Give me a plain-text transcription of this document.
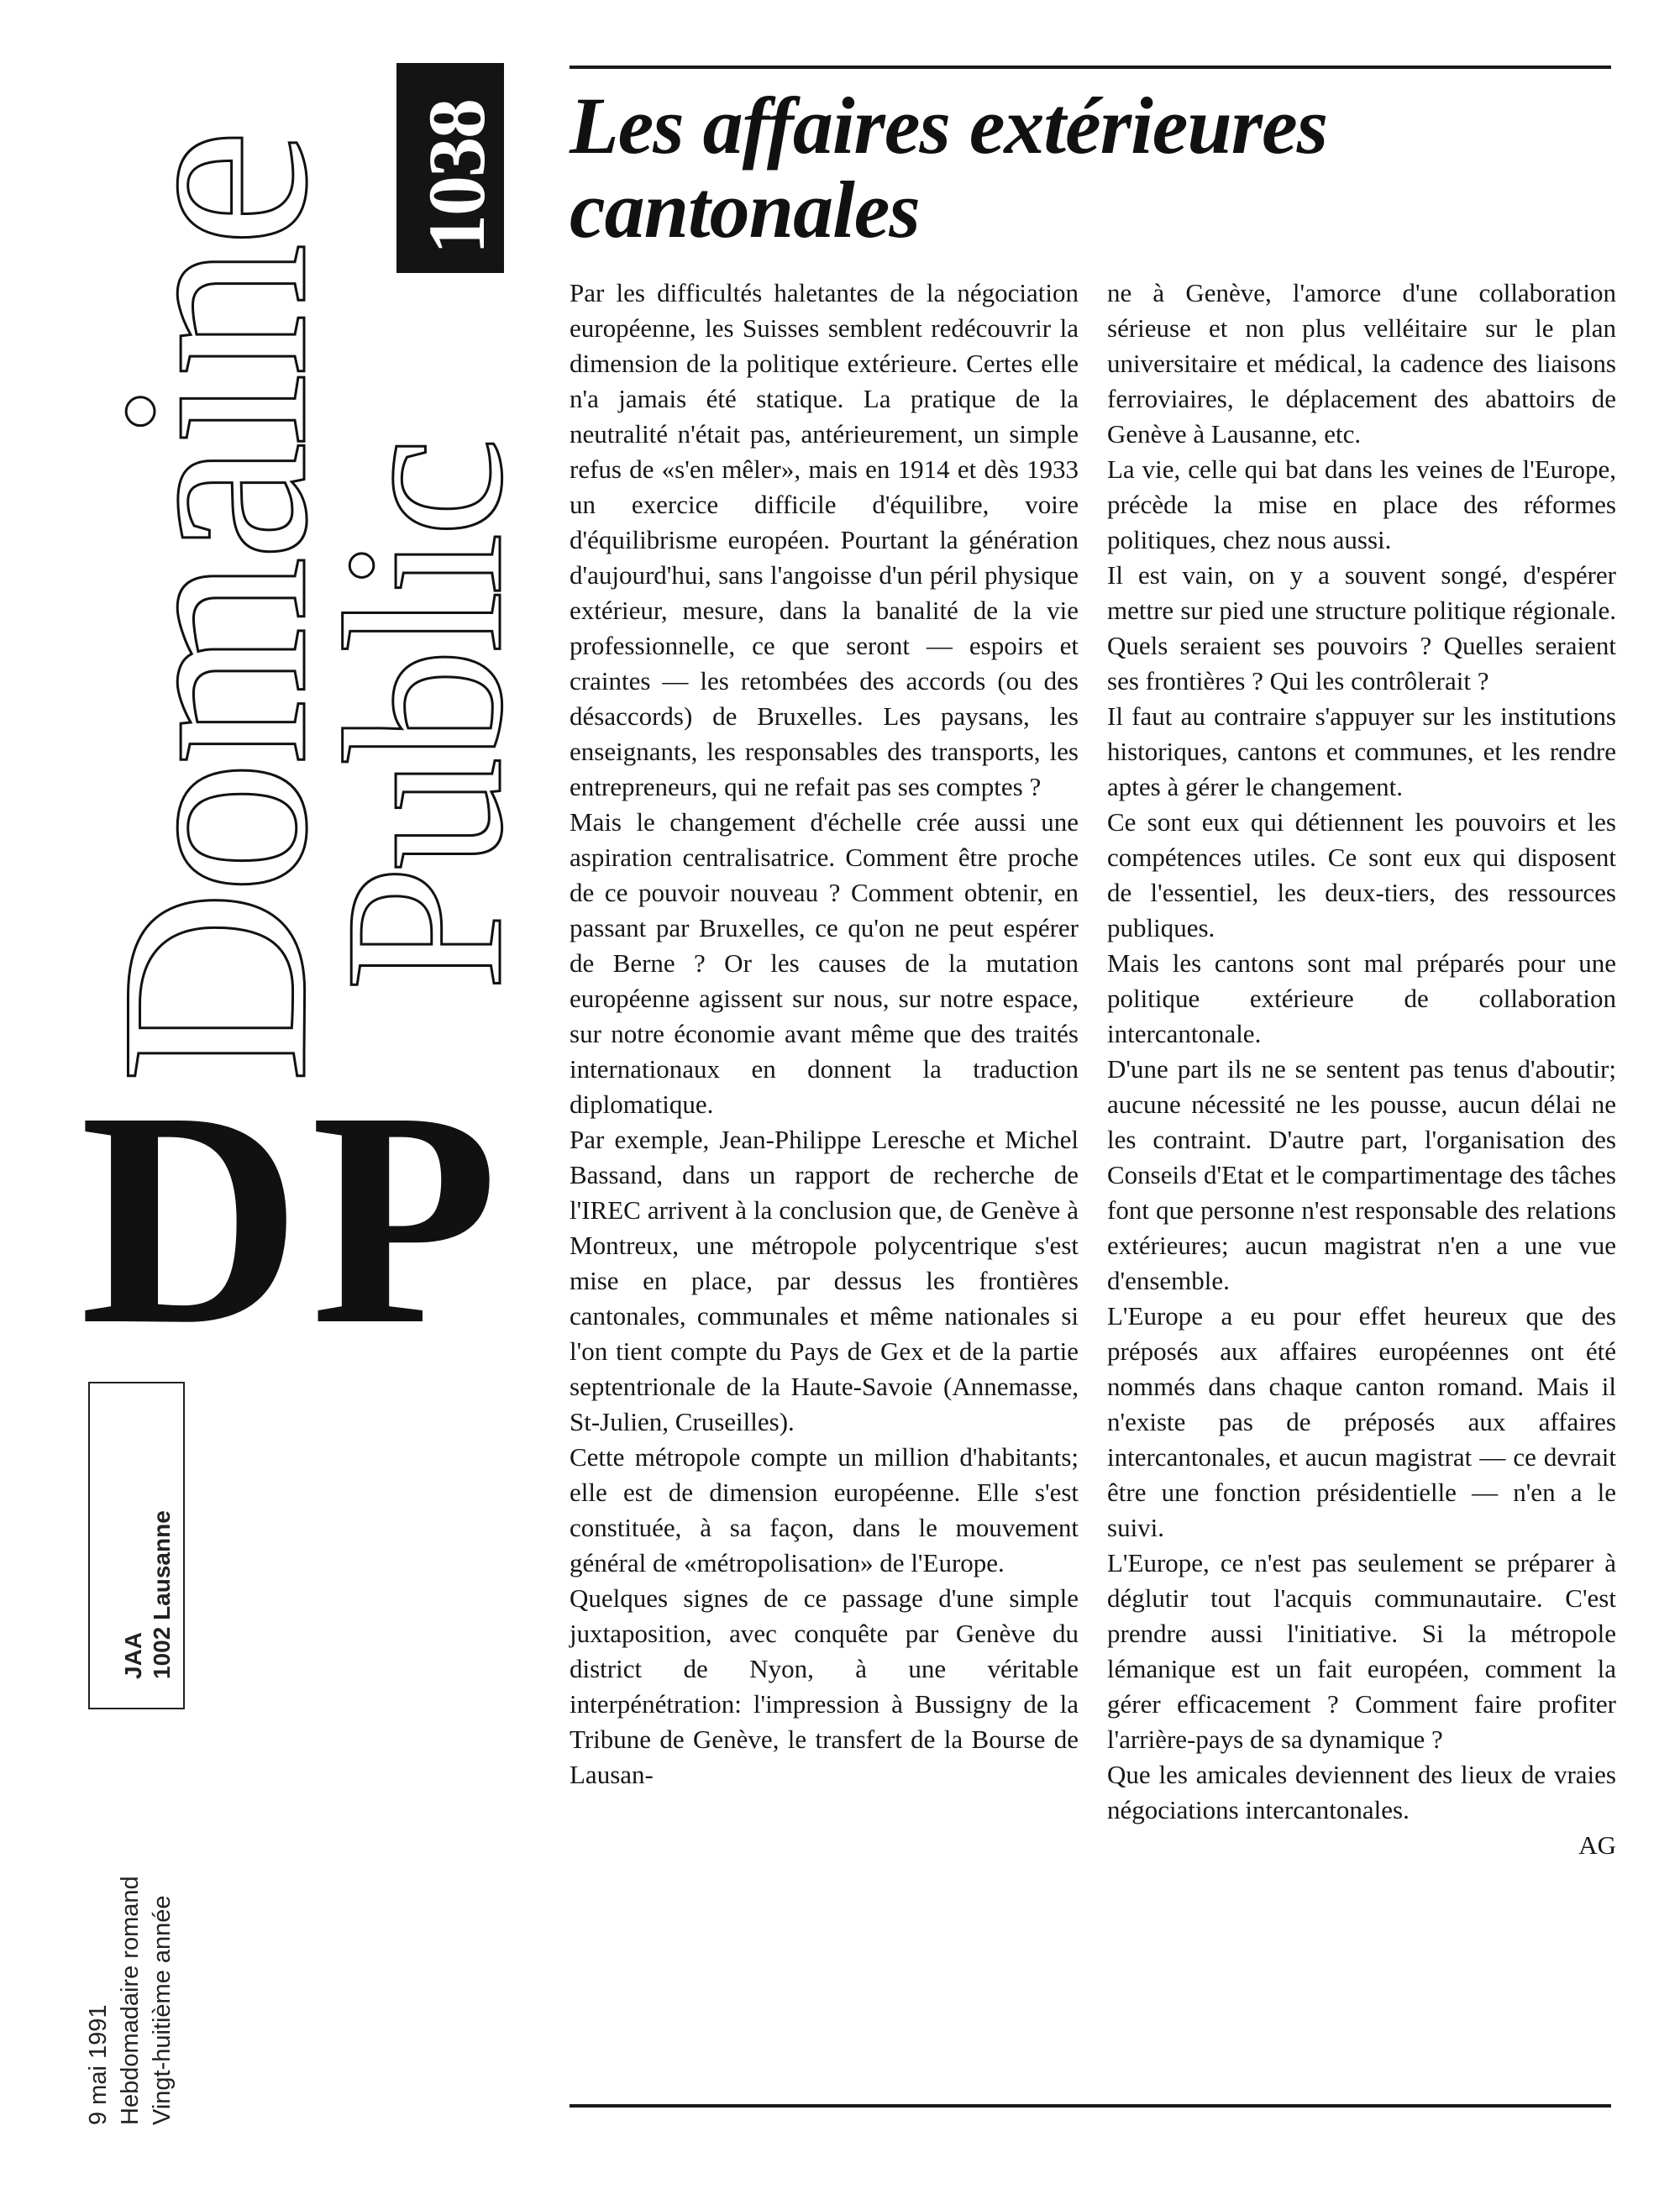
Domaine
Public
1038
D P
JAA 1002 Lausanne
9 mai 1991 Hebdomadaire romand Vingt-huitième année
Les affaires extérieures
cantonales

Par les difficultés haletantes de la négociation européenne, les Suisses semblent redécouvrir la dimension de la politique extérieure. Certes elle n'a jamais été statique. La pratique de la neutralité n'était pas, antérieurement, un simple refus de «s'en mêler», mais en 1914 et dès 1933 un exercice difficile d'équilibre, voire d'équilibrisme européen. Pourtant la génération d'aujourd'hui, sans l'angoisse d'un péril physique extérieur, mesure, dans la banalité de la vie professionnelle, ce que seront — espoirs et craintes — les retombées des accords (ou des désaccords) de Bruxelles. Les paysans, les enseignants, les responsables des transports, les entrepreneurs, qui ne refait pas ses comptes ?

Mais le changement d'échelle crée aussi une aspiration centralisatrice. Comment être proche de ce pouvoir nouveau ? Comment obtenir, en passant par Bruxelles, ce qu'on ne peut espérer de Berne ? Or les causes de la mutation européenne agissent sur nous, sur notre espace, sur notre économie avant même que des traités internationaux en donnent la traduction diplomatique.

Par exemple, Jean-Philippe Leresche et Michel Bassand, dans un rapport de recherche de l'IREC arrivent à la conclusion que, de Genève à Montreux, une métropole polycentrique s'est mise en place, par dessus les frontières cantonales, communales et même nationales si l'on tient compte du Pays de Gex et de la partie septentrionale de la Haute-Savoie (Annemasse, St-Julien, Cruseilles).

Cette métropole compte un million d'habitants; elle est de dimension européenne. Elle s'est constituée, à sa façon, dans le mouvement général de «métropolisation» de l'Europe.

Quelques signes de ce passage d'une simple juxtaposition, avec conquête par Genève du district de Nyon, à une véritable interpénétration: l'impression à Bussigny de la Tribune de Genève, le transfert de la Bourse de Lausan-

ne à Genève, l'amorce d'une collaboration sérieuse et non plus velléitaire sur le plan universitaire et médical, la cadence des liaisons ferroviaires, le déplacement des abattoirs de Genève à Lausanne, etc.

La vie, celle qui bat dans les veines de l'Europe, précède la mise en place des réformes politiques, chez nous aussi.

Il est vain, on y a souvent songé, d'espérer mettre sur pied une structure politique régionale. Quels seraient ses pouvoirs ? Quelles seraient ses frontières ? Qui les contrôlerait ?

Il faut au contraire s'appuyer sur les institutions historiques, cantons et communes, et les rendre aptes à gérer le changement.

Ce sont eux qui détiennent les pouvoirs et les compétences utiles. Ce sont eux qui disposent de l'essentiel, les deux-tiers, des ressources publiques.

Mais les cantons sont mal préparés pour une politique extérieure de collaboration intercantonale.

D'une part ils ne se sentent pas tenus d'aboutir; aucune nécessité ne les pousse, aucun délai ne les contraint. D'autre part, l'organisation des Conseils d'Etat et le compartimentage des tâches font que personne n'est responsable des relations extérieures; aucun magistrat n'en a une vue d'ensemble.

L'Europe a eu pour effet heureux que des préposés aux affaires européennes ont été nommés dans chaque canton romand. Mais il n'existe pas de préposés aux affaires intercantonales, et aucun magistrat — ce devrait être une fonction présidentielle — n'en a le suivi.

L'Europe, ce n'est pas seulement se préparer à déglutir tout l'acquis communautaire. C'est prendre aussi l'initiative. Si la métropole lémanique est un fait européen, comment la gérer efficacement ? Comment faire profiter l'arrière-pays de sa dynamique ?

Que les amicales deviennent des lieux de vraies négociations intercantonales.

AG
